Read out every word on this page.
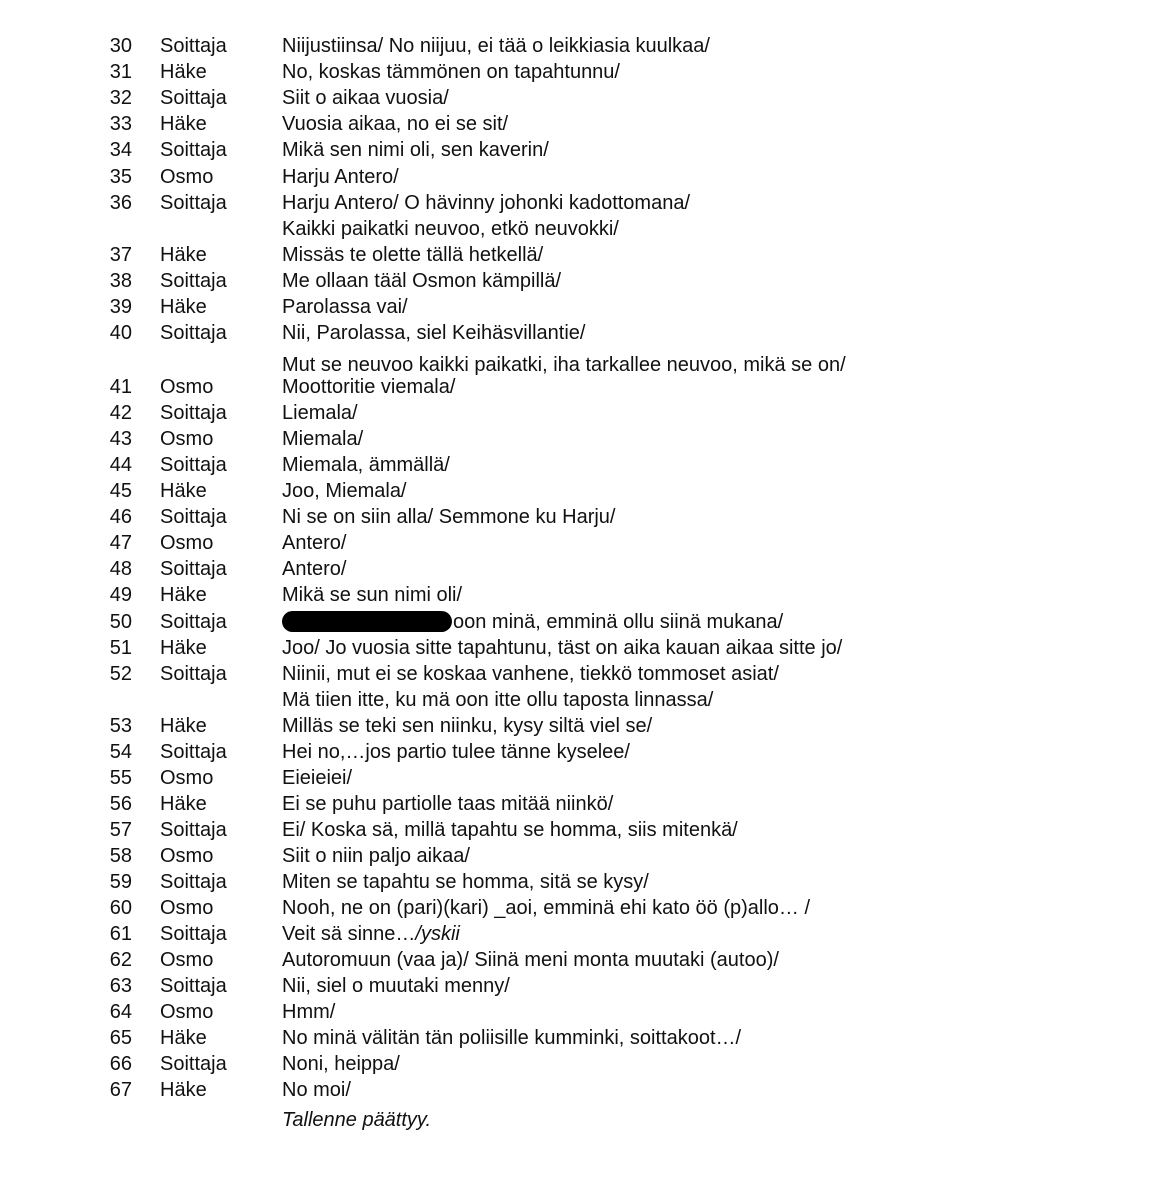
30 Soittaja	Niijustiinsa/ No niijuu, ei tää o leikkiasia kuulkaa/
31 Häke	No, koskas tämmönen on tapahtunnu/
32 Soittaja	Siit o aikaa vuosia/
33 Häke	Vuosia aikaa, no ei se sit/
34 Soittaja	Mikä sen nimi oli, sen kaverin/
35 Osmo	Harju Antero/
36 Soittaja	Harju Antero/ O hävinny johonki kadottomana/
Kaikki paikatki neuvoo, etkö neuvokki/
37 Häke	Missäs te olette tällä hetkellä/
38 Soittaja	Me ollaan tääl Osmon kämpillä/
39 Häke	Parolassa vai/
40 Soittaja	Nii, Parolassa, siel Keihäsvillantie/
Mut se neuvoo kaikki paikatki, iha tarkallee neuvoo, mikä se on/
41 Osmo	Moottoritie viemala/
42 Soittaja	Liemala/
43 Osmo	Miemala/
44 Soittaja	Miemala, ämmällä/
45 Häke	Joo, Miemala/
46 Soittaja	Ni se on siin alla/ Semmone ku Harju/
47 Osmo	Antero/
48 Soittaja	Antero/
49 Häke	Mikä se sun nimi oli/
50 Soittaja	oon minä, emminä ollu siinä mukana/
51 Häke	Joo/ Jo vuosia sitte tapahtunu, täst on aika kauan aikaa sitte jo/
52 Soittaja	Niinii, mut ei se koskaa vanhene, tiekkö tommoset asiat/
Mä tiien itte, ku mä oon itte ollu taposta linnassa/
53 Häke	Milläs se teki sen niinku, kysy siltä viel se/
54 Soittaja	Hei no,…jos partio tulee tänne kyselee/
55 Osmo	Eieieiei/
56 Häke	Ei se puhu partiolle taas mitää niinkö/
57 Soittaja	Ei/ Koska sä, millä tapahtu se homma, siis mitenkä/
58 Osmo	Siit o niin paljo aikaa/
59 Soittaja	Miten se tapahtu se homma, sitä se kysy/
60 Osmo	Nooh, ne on (pari)(kari) _aoi, emminä ehi kato öö (p)allo… /
61 Soittaja	Veit sä sinne…/yskii
62 Osmo	Autoromuun (vaa ja)/ Siinä meni monta muutaki (autoo)/
63 Soittaja	Nii, siel o muutaki menny/
64 Osmo	Hmm/
65 Häke	No minä välitän tän poliisille kumminki, soittakoot…/
66 Soittaja	Noni, heippa/
67 Häke	No moi/
Tallenne päättyy.
